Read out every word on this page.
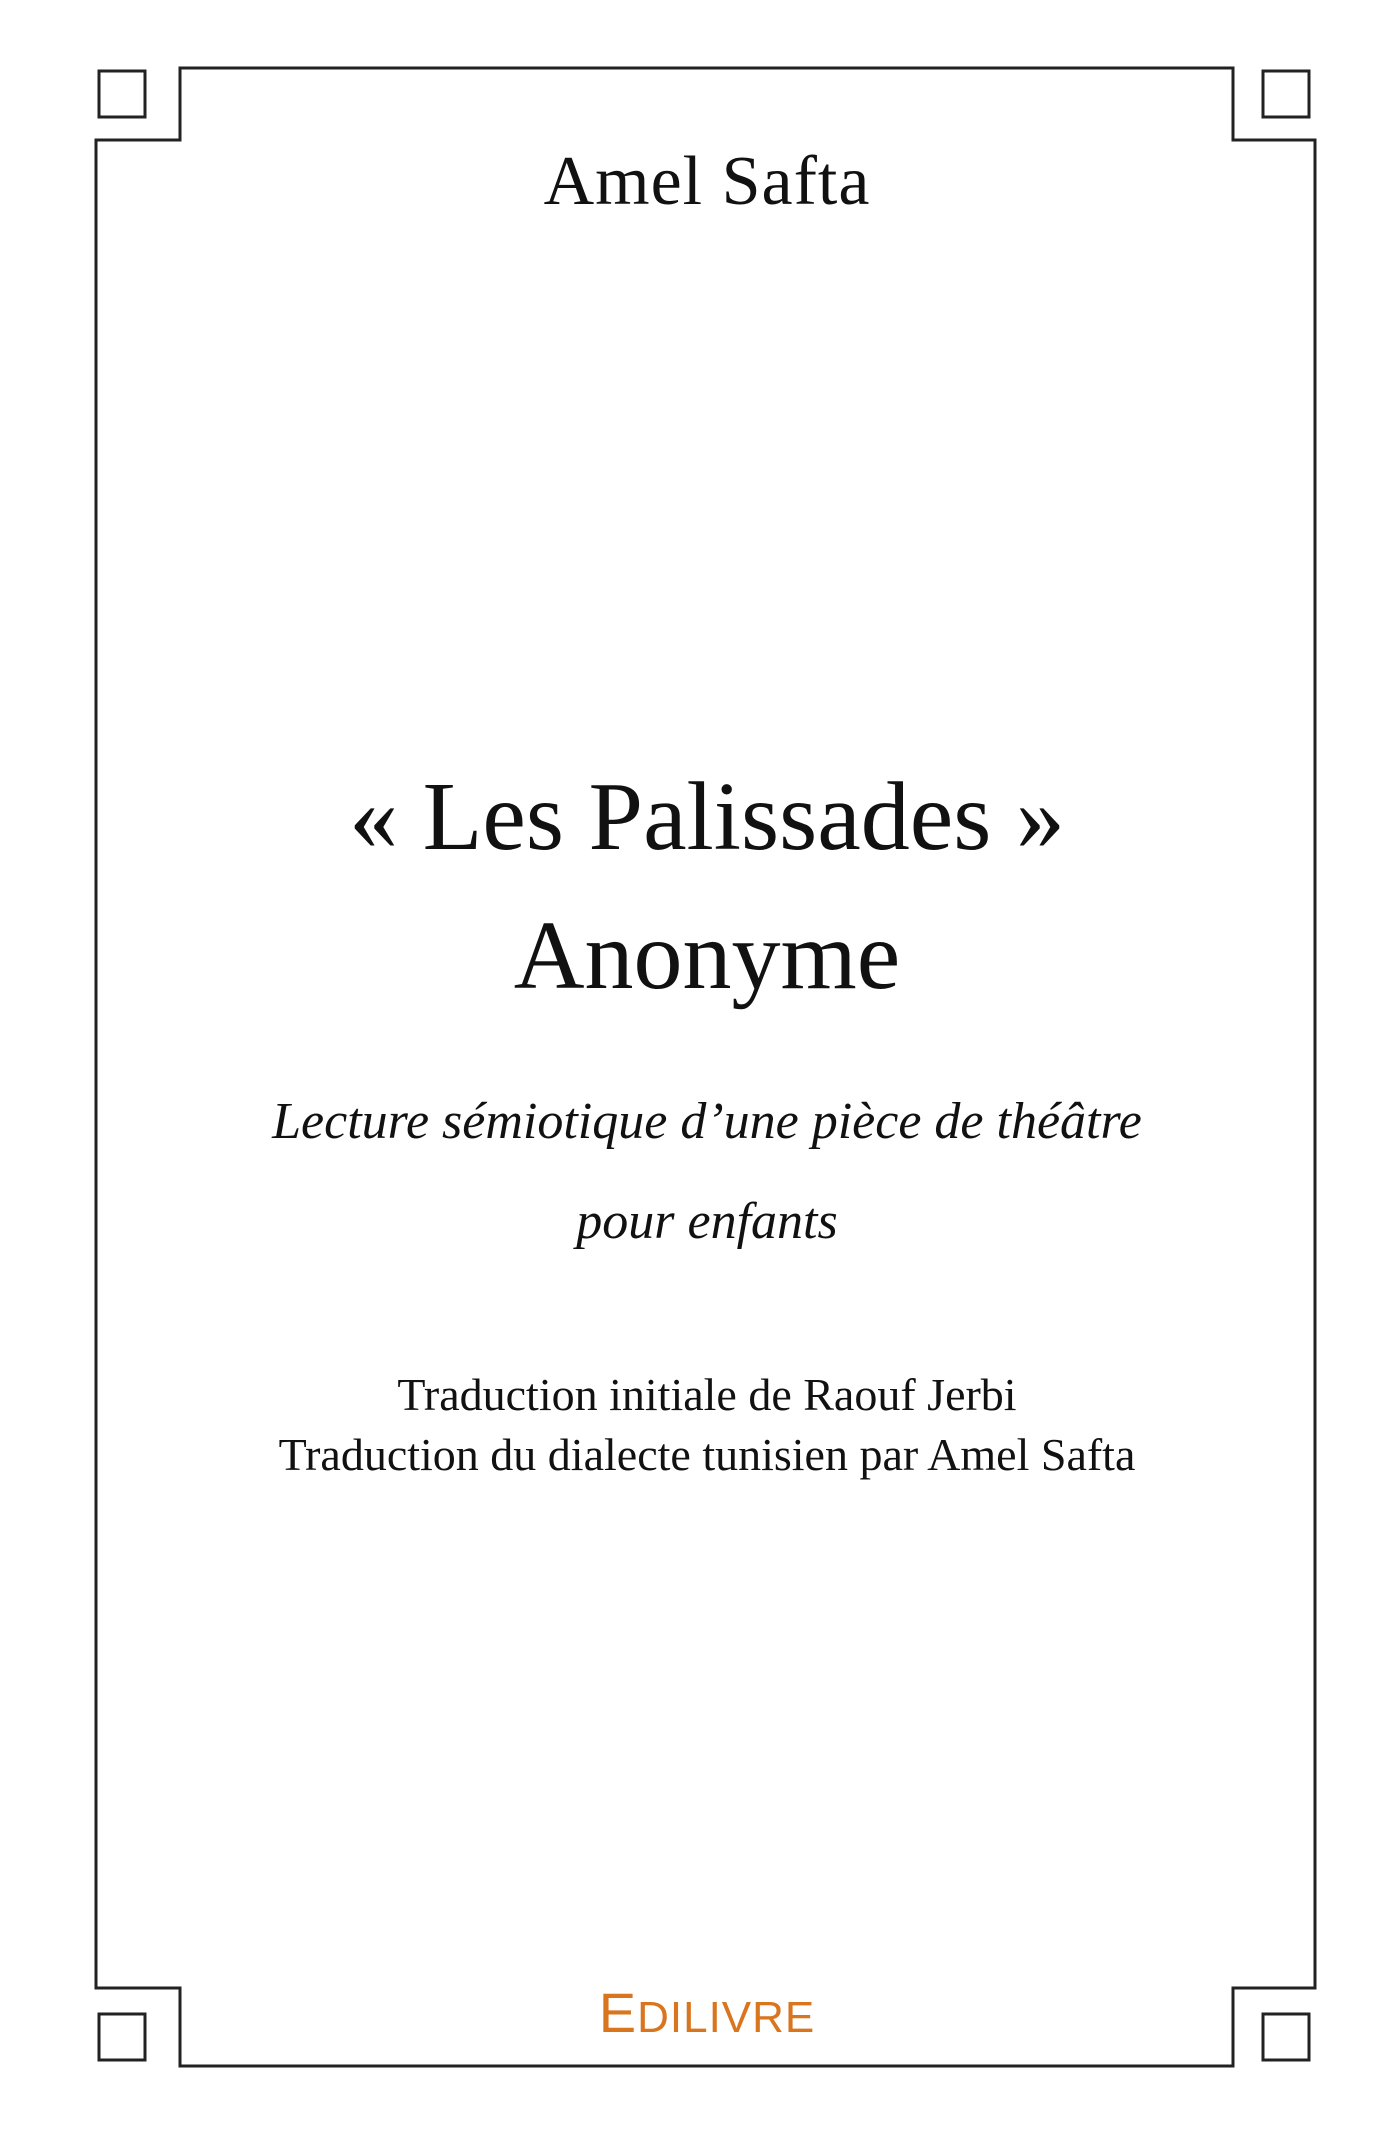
Amel Safta
« Les Palissades »
Anonyme
Lecture sémiotique d’une pièce de théâtre
pour enfants
Traduction initiale de Raouf Jerbi
Traduction du dialecte tunisien par Amel Safta
EDILIVRE
